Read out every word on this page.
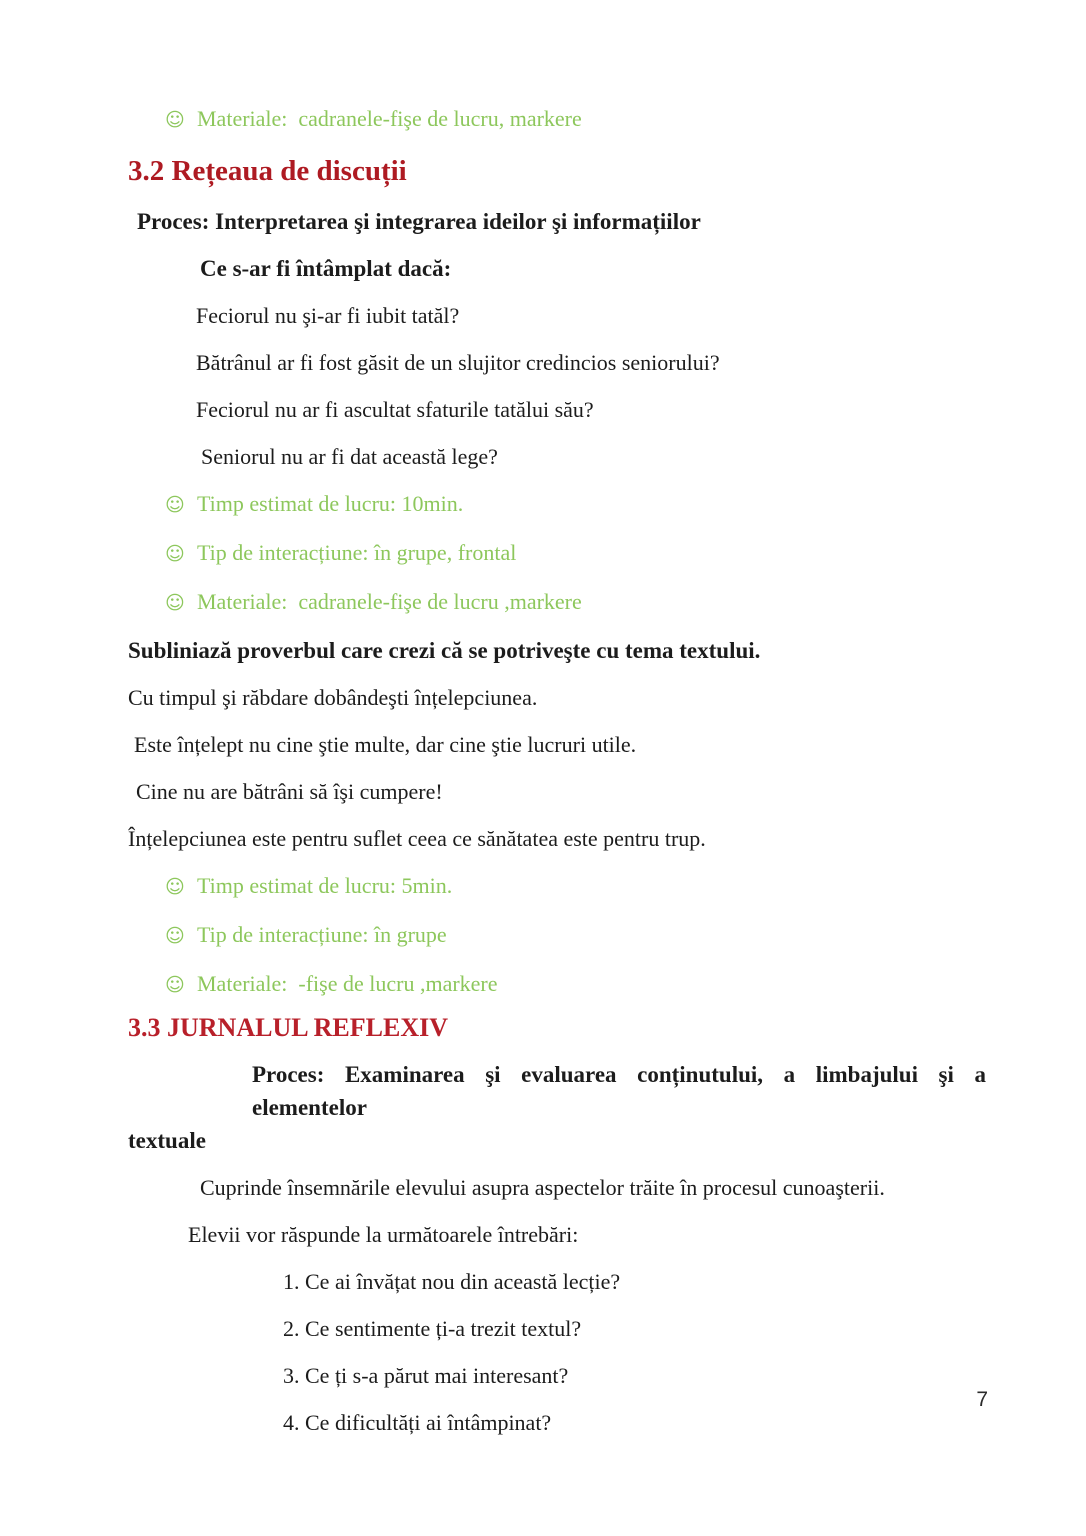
☺ Materiale:  cadranele-fişe de lucru, markere
3.2 Rețeaua de discuții
Proces: Interpretarea şi integrarea ideilor şi informațiilor
Ce s-ar fi întâmplat dacă:
Feciorul nu şi-ar fi iubit tatăl?
Bătrânul ar fi fost găsit de un slujitor credincios seniorului?
Feciorul nu ar fi ascultat sfaturile tatălui său?
Seniorul nu ar fi dat această lege?
☺ Timp estimat de lucru: 10min.
☺ Tip de interacțiune: în grupe, frontal
☺ Materiale:  cadranele-fişe de lucru ,markere
Subliniază proverbul care crezi că se potriveşte cu tema textului.
Cu timpul şi răbdare dobândeşti înțelepciunea.
Este înțelept nu cine ştie multe, dar cine ştie lucruri utile.
Cine nu are bătrâni să îşi cumpere!
Înțelepciunea este pentru suflet ceea ce sănătatea este pentru trup.
☺ Timp estimat de lucru: 5min.
☺ Tip de interacțiune: în grupe
☺ Materiale:  -fişe de lucru ,markere
3.3 JURNALUL REFLEXIV
Proces: Examinarea şi evaluarea conținutului, a limbajului şi a elementelor
textuale
Cuprinde însemnările elevului asupra aspectelor trăite în procesul cunoaşterii.
Elevii vor răspunde la următoarele întrebări:
1. Ce ai învățat nou din această lecție?
2. Ce sentimente ți-a trezit textul?
3. Ce ți s-a părut mai interesant?
4. Ce dificultăți ai întâmpinat?
7
